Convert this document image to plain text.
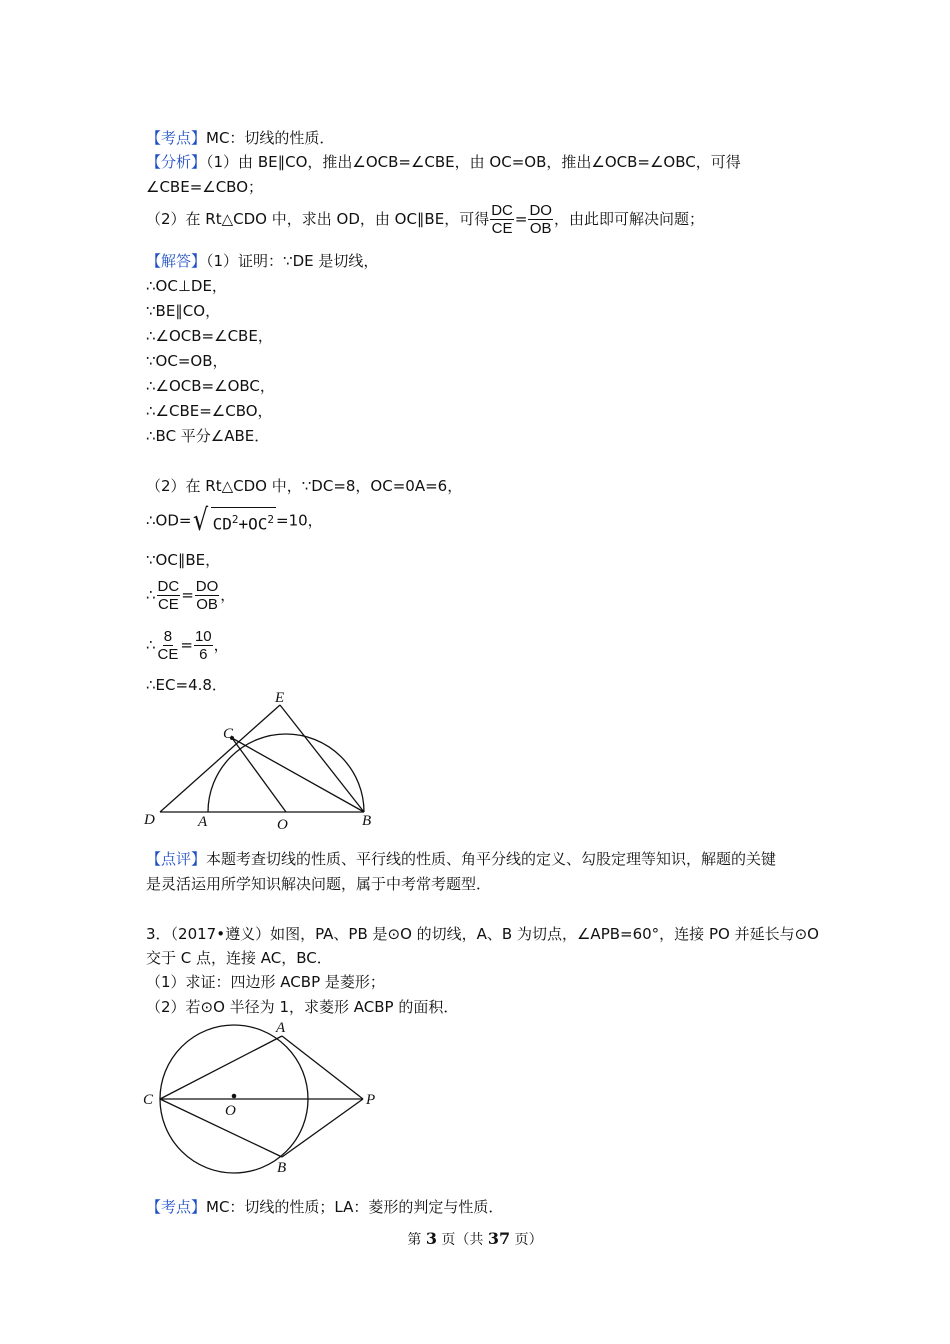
【考点】MC：切线的性质．
【分析】（1）由 BE∥CO，推出∠OCB=∠CBE，由 OC=OB，推出∠OCB=∠OBC，可得
∠CBE=∠CBO；
（2）在 Rt△CDO 中，求出 OD，由 OC∥BE，可得 $\frac{DC}{CE} = \frac{DO}{OB}$ ，由此即可解决问题；
【解答】（1）证明：∵DE 是切线，
∴OC⊥DE，
∵BE∥CO，
∴∠OCB=∠CBE，
∵OC=OB，
∴∠OCB=∠OBC，
∴∠CBE=∠CBO，
∴BC 平分∠ABE．
（2）在 Rt△CDO 中，∵DC=8，OC=0A=6，
∴OD= √ $CD^2+OC^2 =10$，
∵OC∥BE，
∴ $\frac{DC}{CE} = \frac{DO}{OB}$ ，
∴ $\frac{8}{CE} = \frac{10}{6}$ ，
∴EC=4.8．
E
C
D	A	O	B
【点评】本题考查切线的性质、平行线的性质、角平分线的定义、勾股定理等知识，解题的关键
是灵活运用所学知识解决问题，属于中考常考题型．
3．（2017•遵义）如图，PA、PB 是⊙O 的切线，A、B 为切点，∠APB=60°，连接 PO 并延长与⊙O
交于 C 点，连接 AC，BC．
（1）求证：四边形 ACBP 是菱形；
（2）若⊙O 半径为 1，求菱形 ACBP 的面积．
A
C
O
P
B
【考点】MC：切线的性质；LA：菱形的判定与性质．
第 3 页（共 37 页）
